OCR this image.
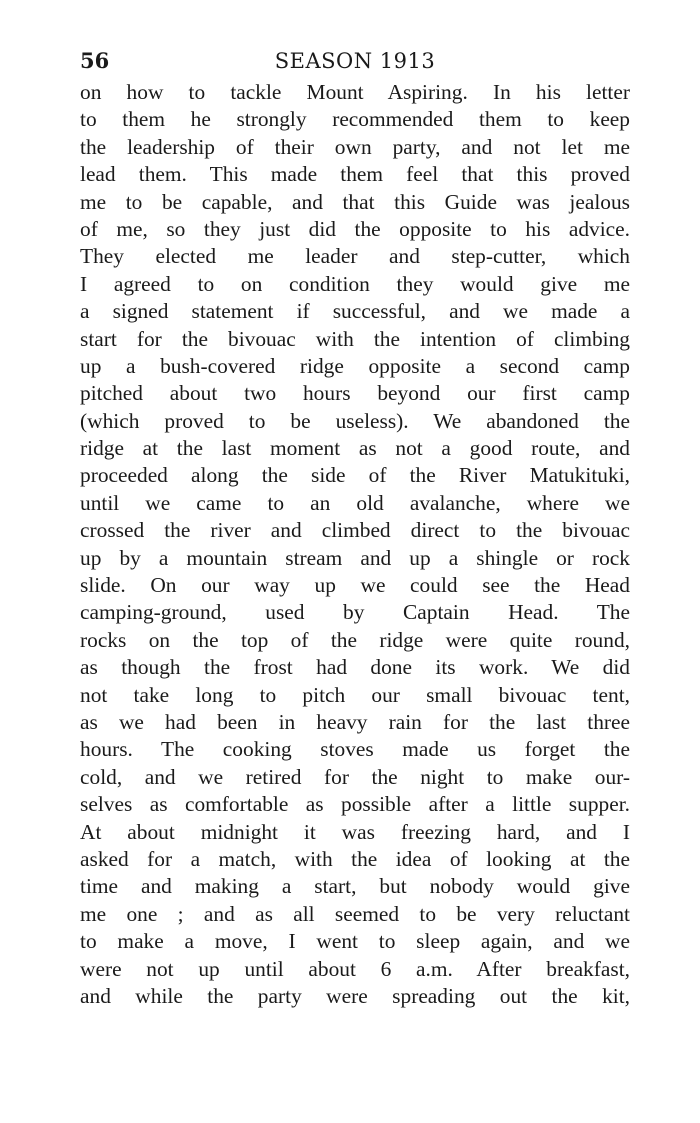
56	SEASON 1913
on how to tackle Mount Aspiring. In his letter
to them he strongly recommended them to keep
the leadership of their own party, and not let me
lead them. This made them feel that this proved
me to be capable, and that this Guide was jealous
of me, so they just did the opposite to his advice.
They elected me leader and step-cutter, which
I agreed to on condition they would give me
a signed statement if successful, and we made a
start for the bivouac with the intention of climbing
up a bush-covered ridge opposite a second camp
pitched about two hours beyond our first camp
(which proved to be useless). We abandoned the
ridge at the last moment as not a good route, and
proceeded along the side of the River Matukituki,
until we came to an old avalanche, where we
crossed the river and climbed direct to the bivouac
up by a mountain stream and up a shingle or rock
slide. On our way up we could see the Head
camping-ground, used by Captain Head. The
rocks on the top of the ridge were quite round,
as though the frost had done its work. We did
not take long to pitch our small bivouac tent,
as we had been in heavy rain for the last three
hours. The cooking stoves made us forget the
cold, and we retired for the night to make our-
selves as comfortable as possible after a little supper.
At about midnight it was freezing hard, and I
asked for a match, with the idea of looking at the
time and making a start, but nobody would give
me one ; and as all seemed to be very reluctant
to make a move, I went to sleep again, and we
were not up until about 6 a.m. After breakfast,
and while the party were spreading out the kit,
